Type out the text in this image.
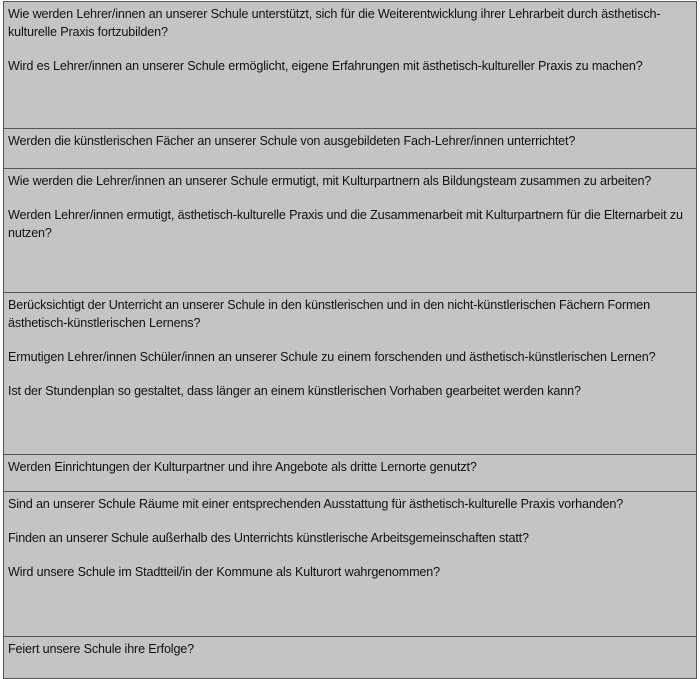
Wie werden Lehrer/innen an unserer Schule unterstützt, sich für die Weiterentwicklung ihrer Lehrarbeit durch ästhetisch-kulturelle Praxis fortzubilden?

Wird es Lehrer/innen an unserer Schule ermöglicht, eigene Erfahrungen mit ästhetisch-kultureller Praxis zu machen?

Werden die künstlerischen Fächer an unserer Schule von ausgebildeten Fach-Lehrer/innen unterrichtet?

Wie werden die Lehrer/innen an unserer Schule ermutigt, mit Kulturpartnern als Bildungsteam zusammen zu arbeiten?

Werden Lehrer/innen ermutigt, ästhetisch-kulturelle Praxis und die Zusammenarbeit mit Kulturpartnern für die Elternarbeit zu nutzen?

Berücksichtigt der Unterricht an unserer Schule in den künstlerischen und in den nicht-künstlerischen Fächern Formen ästhetisch-künstlerischen Lernens?

Ermutigen Lehrer/innen Schüler/innen an unserer Schule zu einem forschenden und ästhetisch-künstlerischen Lernen?

Ist der Stundenplan so gestaltet, dass länger an einem künstlerischen Vorhaben gearbeitet werden kann?

Werden Einrichtungen der Kulturpartner und ihre Angebote als dritte Lernorte genutzt?

Sind an unserer Schule Räume mit einer entsprechenden Ausstattung für ästhetisch-kulturelle Praxis vorhanden?

Finden an unserer Schule außerhalb des Unterrichts künstlerische Arbeitsgemeinschaften statt?

Wird unsere Schule im Stadtteil/in der Kommune als Kulturort wahrgenommen?

Feiert unsere Schule ihre Erfolge?
